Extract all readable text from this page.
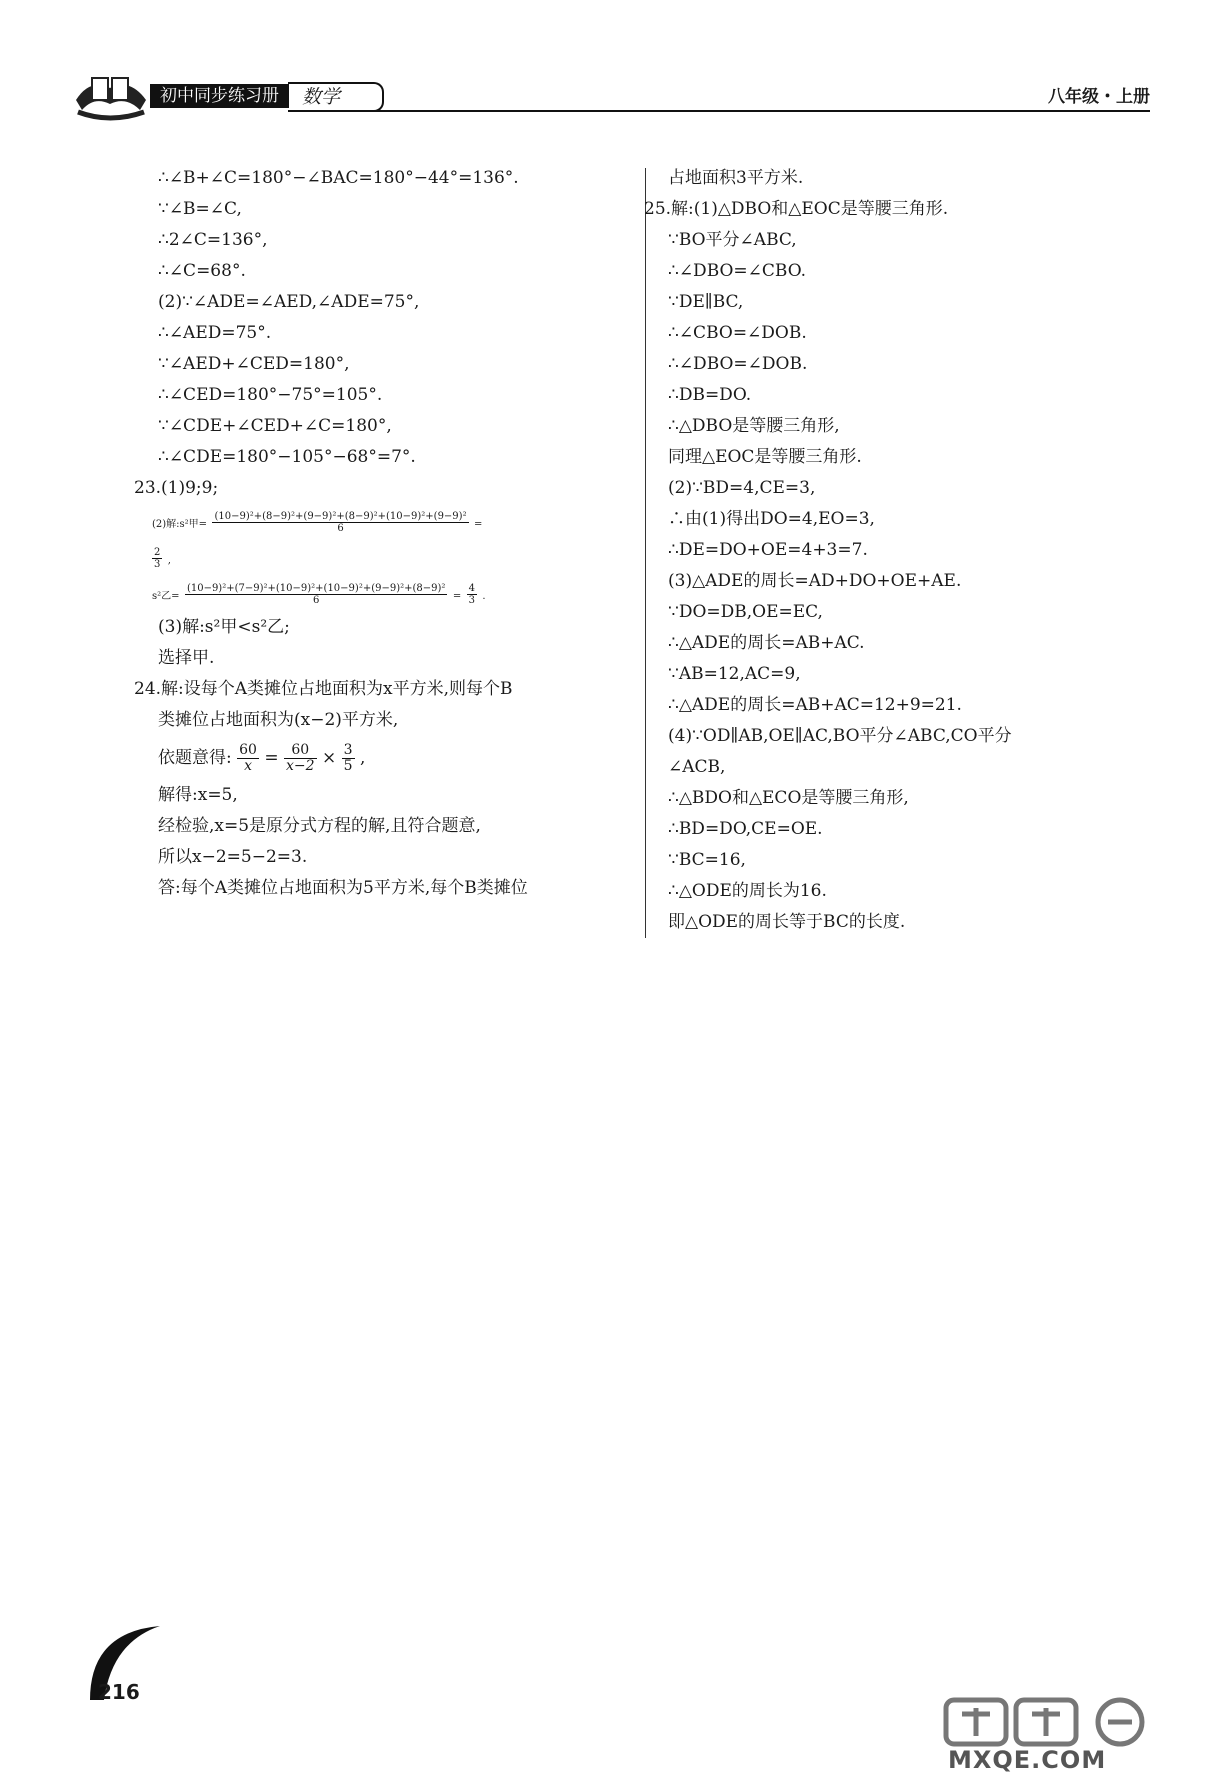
初中同步练习册	数学	八年级・上册
∴∠B+∠C=180°−∠BAC=180°−44°=136°.
∵∠B=∠C,
∴2∠C=136°,
∴∠C=68°.
(2)∵∠ADE=∠AED,∠ADE=75°,
∴∠AED=75°.
∵∠AED+∠CED=180°,
∴∠CED=180°−75°=105°.
∵∠CDE+∠CED+∠C=180°,
∴∠CDE=180°−105°−68°=7°.
23.(1)9;9;
(2)解:s²甲= $\frac{\text{(10−9)²+(8−9)²+(9−9)²+(8−9)²+(10−9)²+(9−9)²}}{6}$ =
$\frac{2}{3}$ ,
s²乙= $\frac{\text{(10−9)²+(7−9)²+(10−9)²+(10−9)²+(9−9)²+(8−9)²}}{6} = \frac{4}{3}$ .
(3)解:s²甲<s²乙;
选择甲.
24.解:设每个A类摊位占地面积为x平方米,则每个B
类摊位占地面积为(x−2)平方米,
依题意得: $\frac{60}{x} = \frac{60}{x-2} \times \frac{3}{5}$ ,
解得:x=5,
经检验,x=5是原分式方程的解,且符合题意,
所以x−2=5−2=3.
答:每个A类摊位占地面积为5平方米,每个B类摊位
占地面积3平方米.
25.解:(1)△DBO和△EOC是等腰三角形.
∵BO平分∠ABC,
∴∠DBO=∠CBO.
∵DE∥BC,
∴∠CBO=∠DOB.
∴∠DBO=∠DOB.
∴DB=DO.
∴△DBO是等腰三角形,
同理△EOC是等腰三角形.
(2)∵BD=4,CE=3,
∴由(1)得出DO=4,EO=3,
∴DE=DO+OE=4+3=7.
(3)△ADE的周长=AD+DO+OE+AE.
∵DO=DB,OE=EC,
∴△ADE的周长=AB+AC.
∵AB=12,AC=9,
∴△ADE的周长=AB+AC=12+9=21.
(4)∵OD∥AB,OE∥AC,BO平分∠ABC,CO平分
∠ACB,
∴△BDO和△ECO是等腰三角形,
∴BD=DO,CE=OE.
∵BC=16,
∴△ODE的周长为16.
即△ODE的周长等于BC的长度.
216
MXQE.COM
